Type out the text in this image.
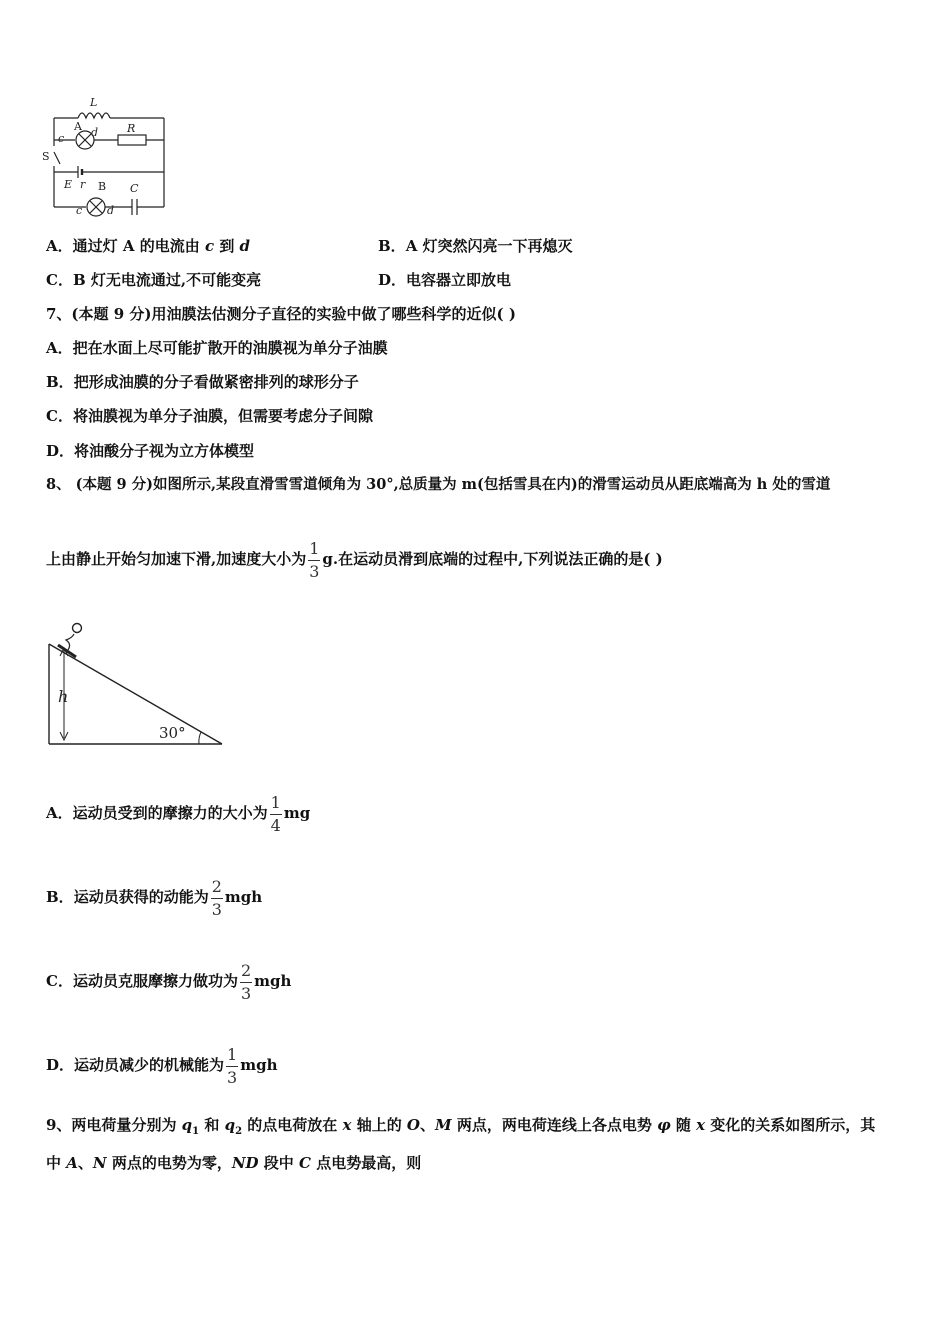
L
A
c d	R
S
E r B C
c d
A．通过灯 A 的电流由 c 到 d	B．A 灯突然闪亮一下再熄灭
C．B 灯无电流通过,不可能变亮	D．电容器立即放电
7、(本题 9 分)用油膜法估测分子直径的实验中做了哪些科学的近似( )
A．把在水面上尽可能扩散开的油膜视为单分子油膜
B．把形成油膜的分子看做紧密排列的球形分子
C．将油膜视为单分子油膜，但需要考虑分子间隙
D．将油酸分子视为立方体模型
8、 (本题 9 分)如图所示,某段直滑雪雪道倾角为 30°,总质量为 m(包括雪具在内)的滑雪运动员从距底端高为 h 处的雪道
上由静止开始匀加速下滑,加速度大小为 $\frac{1}{3} g$.在运动员滑到底端的过程中,下列说法正确的是( )
h
30°
A．运动员受到的摩擦力的大小为 $\frac{1}{4}$ mg
B．运动员获得的动能为 $\frac{2}{3}$ mgh
C．运动员克服摩擦力做功为 $\frac{2}{3}$ mgh
D．运动员减少的机械能为 $\frac{1}{3}$ mgh
9、两电荷量分别为 $q_1$ 和 $q_2$ 的点电荷放在 x 轴上的 O、M 两点，两电荷连线上各点电势 φ 随 x 变化的关系如图所示，其
中 A、N 两点的电势为零，ND 段中 C 点电势最高，则
